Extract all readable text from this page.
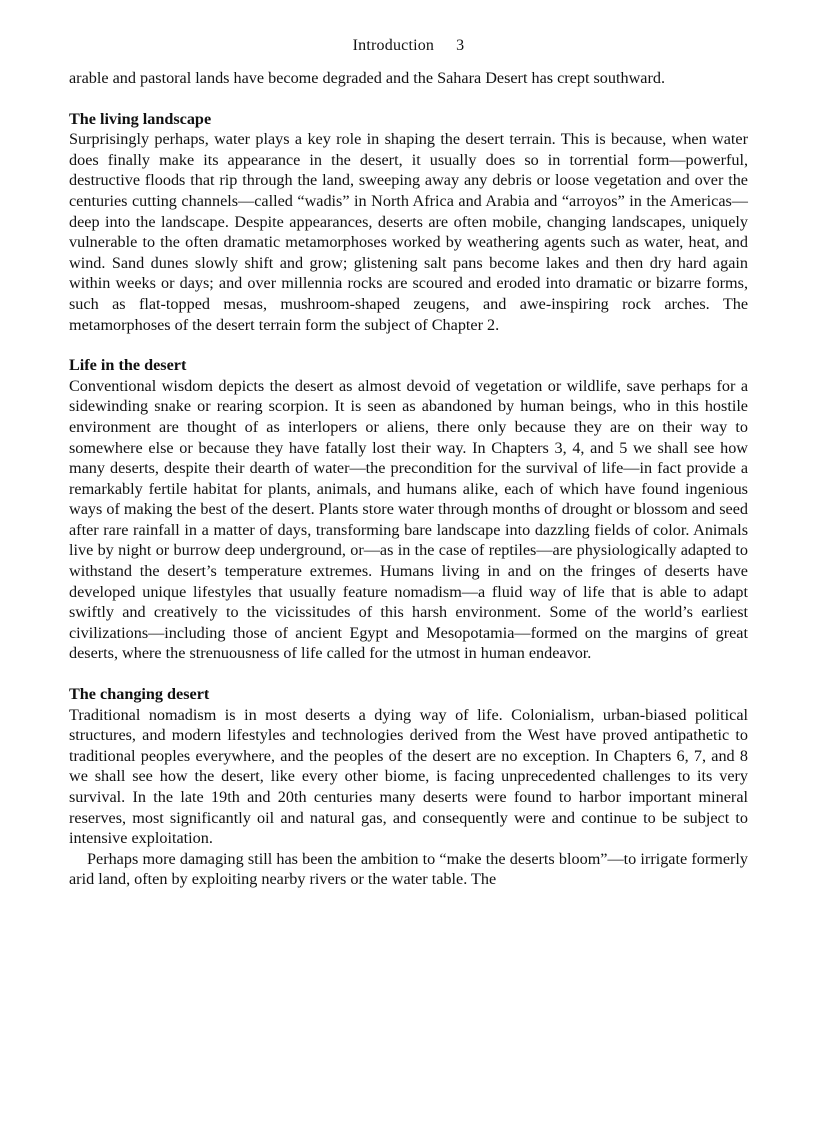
Introduction 3

arable and pastoral lands have become degraded and the Sahara Desert has crept southward.

The living landscape

Surprisingly perhaps, water plays a key role in shaping the desert terrain. This is because, when water does finally make its appearance in the desert, it usually does so in torrential form—powerful, destructive floods that rip through the land, sweeping away any debris or loose vegetation and over the centuries cutting channels—called “wadis” in North Africa and Arabia and “arroyos” in the Americas—deep into the landscape. Despite appearances, deserts are often mobile, changing landscapes, uniquely vulnerable to the often dramatic metamorphoses worked by weathering agents such as water, heat, and wind. Sand dunes slowly shift and grow; glistening salt pans become lakes and then dry hard again within weeks or days; and over millennia rocks are scoured and eroded into dramatic or bizarre forms, such as flat-topped mesas, mushroom-shaped zeugens, and awe-inspiring rock arches. The metamorphoses of the desert terrain form the subject of Chapter 2.

Life in the desert

Conventional wisdom depicts the desert as almost devoid of vegetation or wildlife, save perhaps for a sidewinding snake or rearing scorpion. It is seen as abandoned by human beings, who in this hostile environment are thought of as interlopers or aliens, there only because they are on their way to somewhere else or because they have fatally lost their way. In Chapters 3, 4, and 5 we shall see how many deserts, despite their dearth of water—the precondition for the survival of life—in fact provide a remarkably fertile habitat for plants, animals, and humans alike, each of which have found ingenious ways of making the best of the desert. Plants store water through months of drought or blossom and seed after rare rainfall in a matter of days, transforming bare landscape into dazzling fields of color. Animals live by night or burrow deep underground, or—as in the case of reptiles—are physiologically adapted to withstand the desert’s temperature extremes. Humans living in and on the fringes of deserts have developed unique lifestyles that usually feature nomadism—a fluid way of life that is able to adapt swiftly and creatively to the vicissitudes of this harsh environment. Some of the world’s earliest civilizations—including those of ancient Egypt and Mesopotamia—formed on the margins of great deserts, where the strenuousness of life called for the utmost in human endeavor.

The changing desert

Traditional nomadism is in most deserts a dying way of life. Colonialism, urban-biased political structures, and modern lifestyles and technologies derived from the West have proved antipathetic to traditional peoples everywhere, and the peoples of the desert are no exception. In Chapters 6, 7, and 8 we shall see how the desert, like every other biome, is facing unprecedented challenges to its very survival. In the late 19th and 20th centuries many deserts were found to harbor important mineral reserves, most significantly oil and natural gas, and consequently were and continue to be subject to intensive exploitation.

Perhaps more damaging still has been the ambition to “make the deserts bloom”—to irrigate formerly arid land, often by exploiting nearby rivers or the water table. The
